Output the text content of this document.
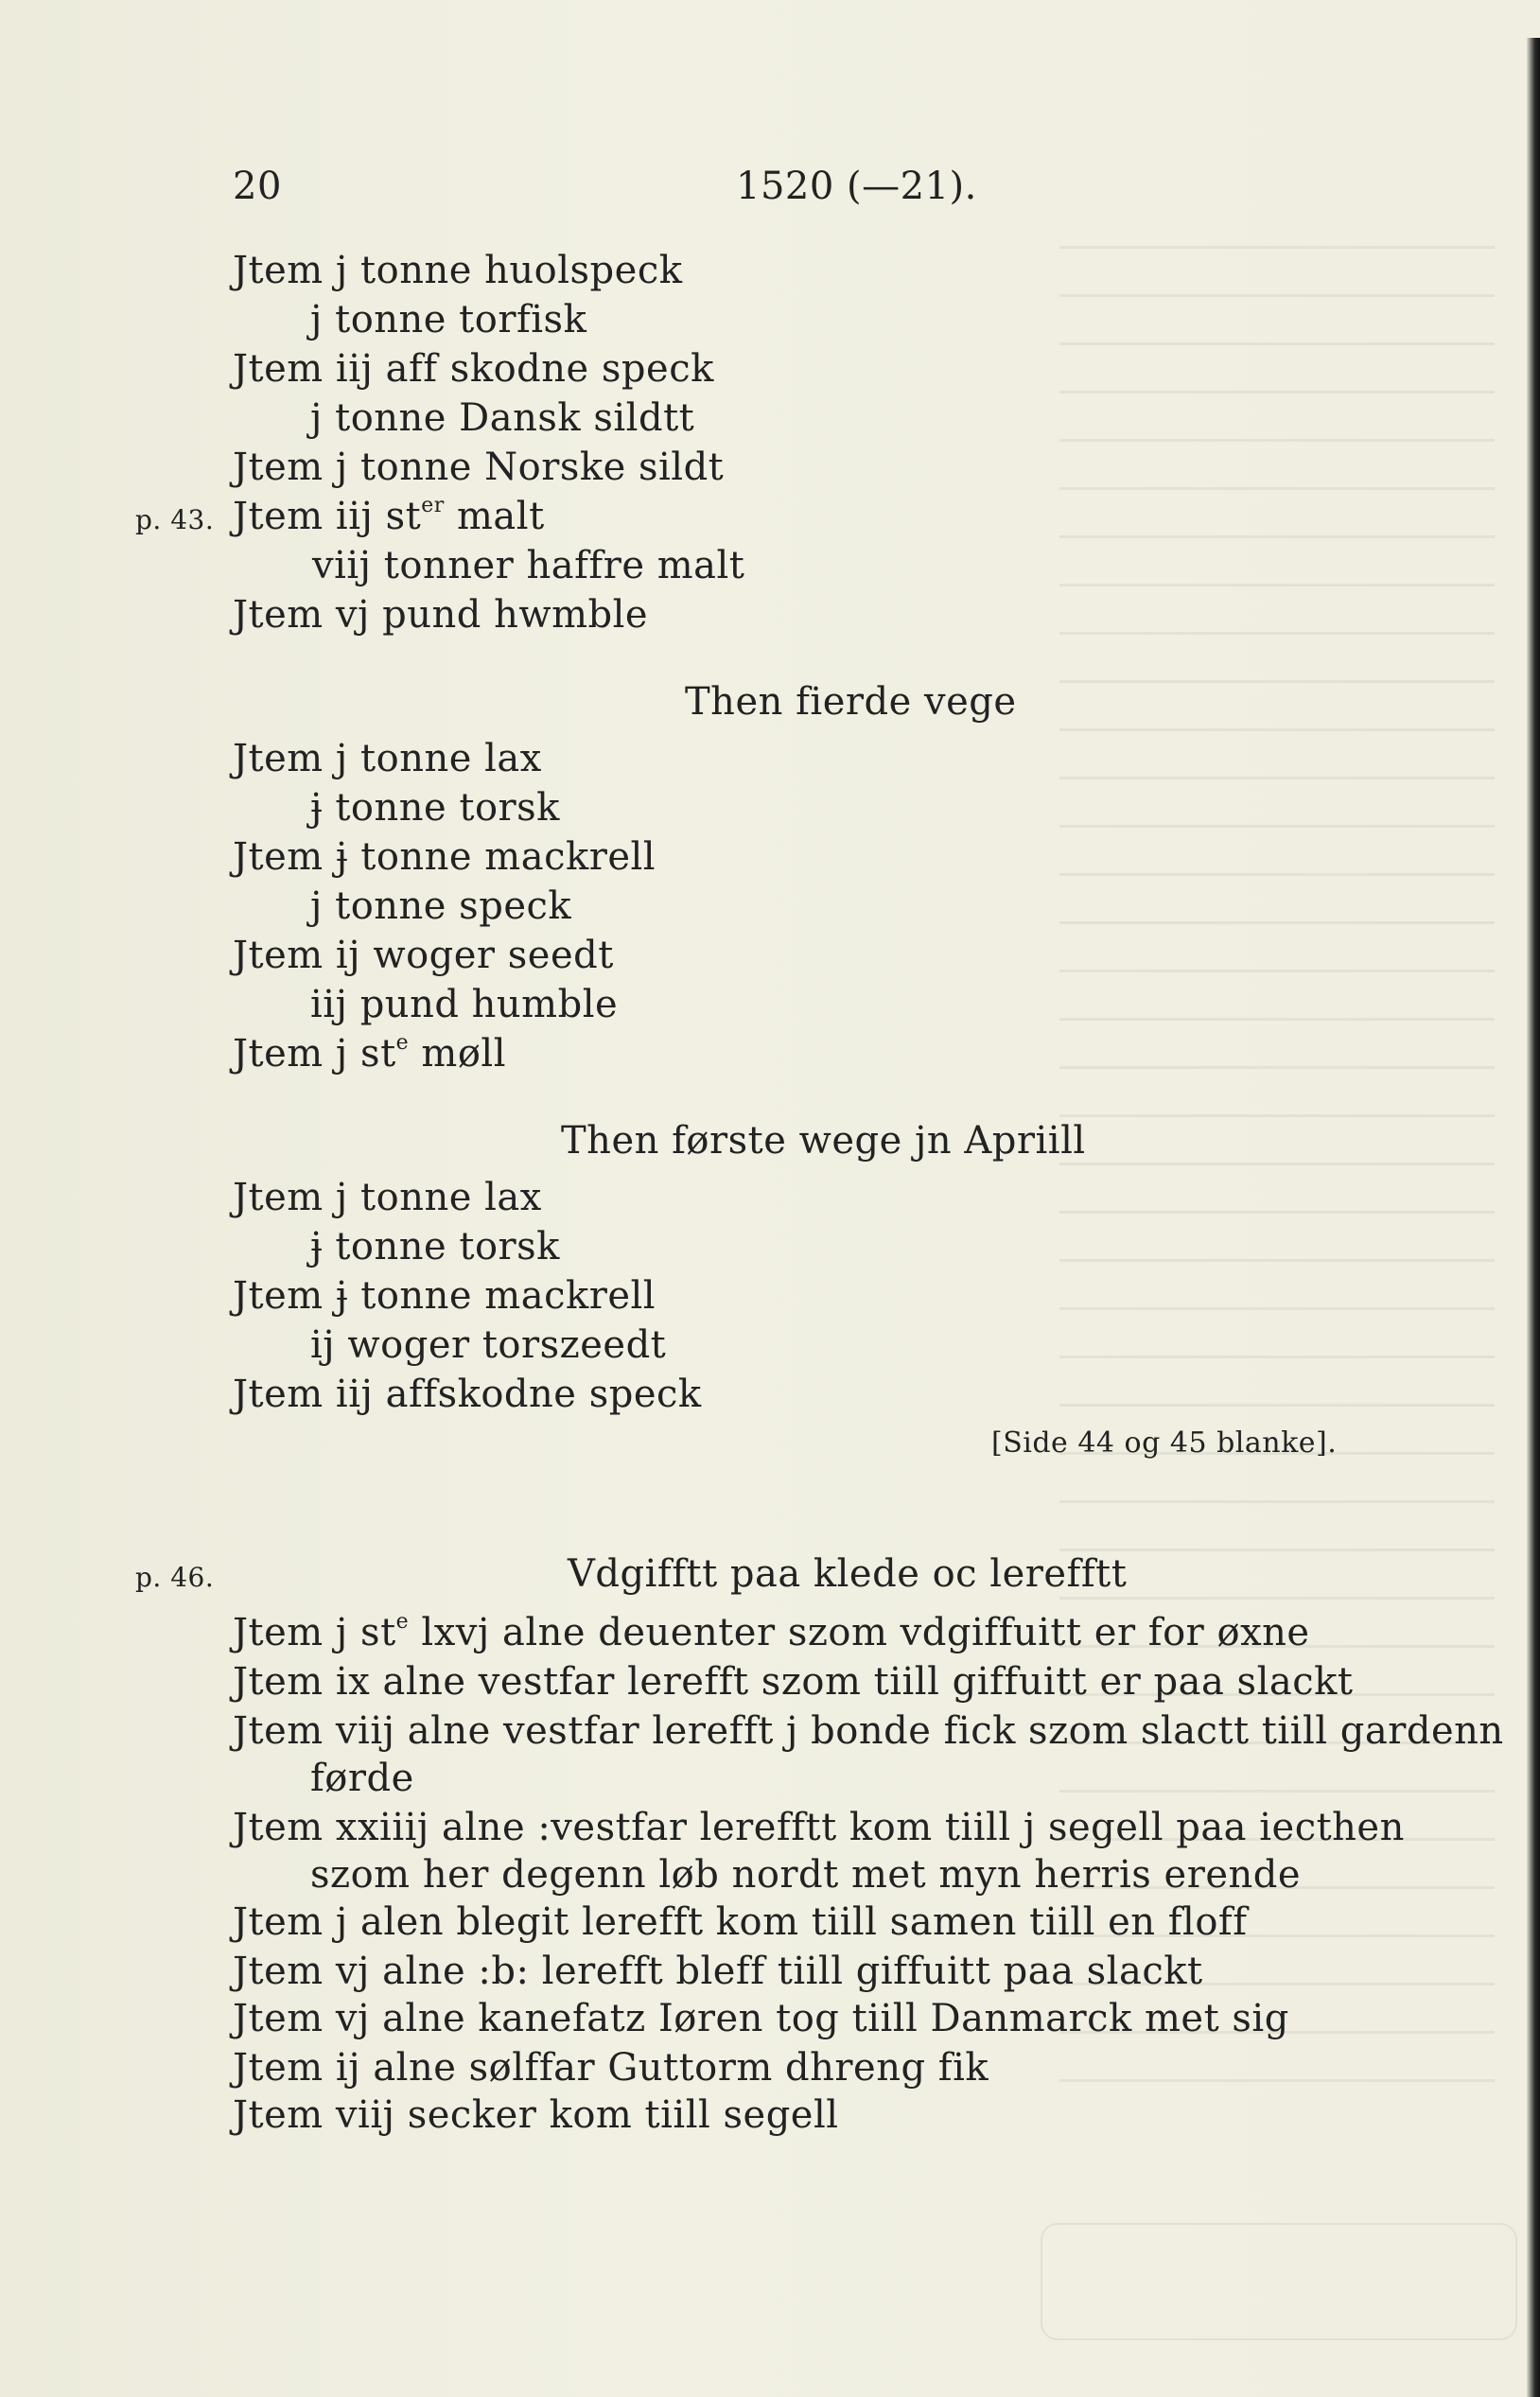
20	1520 (—21).
Jtem j tonne huolspeck
j tonne torfisk
Jtem iij aff skodne speck
j tonne Dansk sildtt
Jtem j tonne Norske sildt
p. 43. Jtem iij $st^{er}$ malt
viij tonner haffre malt
Jtem vj pund hwmble
Then fierde vege
Jtem j tonne lax
ɉ tonne torsk
Jtem ɉ tonne mackrell
j tonne speck
Jtem ij woger seedt
iij pund humble
Jtem j $st^e$ møll
Then første wege jn Apriill
Jtem j tonne lax
ɉ tonne torsk
Jtem ɉ tonne mackrell
ij woger torszeedt
Jtem iij affskodne speck
[Side 44 og 45 blanke].
p. 46.	Vdgifftt paa klede oc lerefftt
Jtem j $st^e$ lxvj alne deuenter szom vdgiffuitt er for øxne
Jtem ix alne vestfar lerefft szom tiill giffuitt er paa slackt
Jtem viij alne vestfar lerefft j bonde fick szom slactt tiill gardenn
førde
Jtem xxiiij alne :vestfar lerefftt kom tiill j segell paa iecthen
szom her degenn løb nordt met myn herris erende
Jtem j alen blegit lerefft kom tiill samen tiill en floff
Jtem vj alne :b: lerefft bleff tiill giffuitt paa slackt
Jtem vj alne kanefatz Iøren tog tiill Danmarck met sig
Jtem ij alne sølffar Guttorm dhreng fik
Jtem viij secker kom tiill segell
